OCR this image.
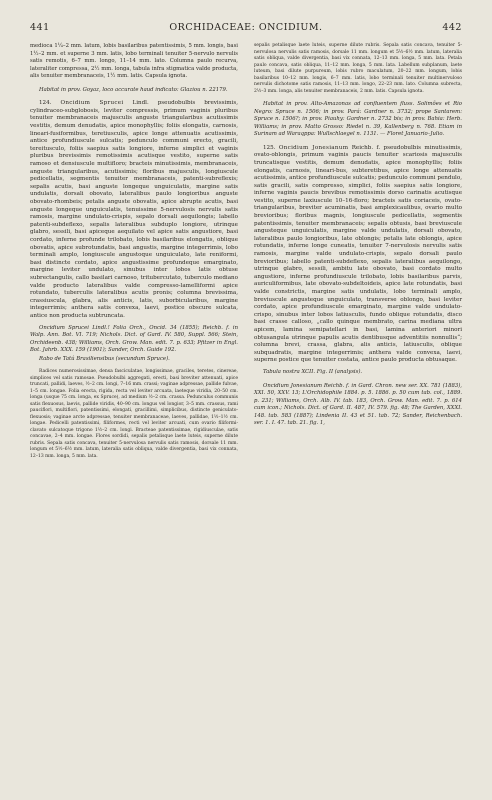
441	ORCHIDACEAE: ONCIDIUM.	442

medioca 1¼–2 mm. latum, lobis basilaribus patentissimis, 5 mm. longis, basi 1½–2 mm. et superne 3 mm. latis, lobo terminali tenuiter 5-nervulo nervulis satis remotis, 6–7 mm. longo, 11–14 mm. lato. Columna paulo recurva, lateraliter compressa, 2½ mm. longa, tabula infra stigmatica valde producta, alis tenuiter membranaceis, 1½ mm. latis. Capsula ignota.

Habitat in prov. Goyaz, loco accurate haud indicato: Glaziou n. 22179.

124. Oncidium Sprucei Lindl. pseudobulbis brevissimis, cylindraceo-subglobosis, leviter compressis, primum vaginis pluribus tenuiter membranaceis majusculis anguste triangularibus acutissimis vestitis, demum denudatis, apice monophyllis; foliis elongatis, carnosis, lineari-fusiformibus, teretiusculis, apice longe attenuatis acutissimis, antice profundiuscule sulcatis; pedunculo communi erecto, gracili, tereitusculo, foliis saepius satis longiore, inferne simplici et vaginis pluribus brevissimis remotissimis acutisque vestito, superne satis ramoso et densiuscule multifloro; bracteis minutissimis, membranaceis, anguste triangularibus, acutissimis; floribus majusculis, longiuscule pedicellatis, segmentis tenuiter membranaceis, patenti-subreflexis; sepalis acutis, basi anguste longeque unguiculatis, margine satis undulatis, dorsali obovato, lateralibus paulo longioribus anguste obovato-rhombeis; petalis anguste obovatis, apice abrupte acutis, basi anguste longeque unguiculatis, tenuissime 5-nervulosis nervulis satis ramosis, margine undulato-crispis, sepalo dorsali aequilongis; labello patenti-subdeflexo, sepalis lateralibus subduplo longiore, utrinque glabro, sessili, basi apiceque aequilato vel apice satis angustiore, basi cordato, inferne profunde trilobato, lobis basilaribus elongatis, oblique obovatis, apice subrotundatis, basi angustis, margine integerrimis, lobo terminali amplo, longiuscule angustoque unguiculato, late reniformi, basi distincte cordato, apice angustissime profundeque emarginato, margine leviter undulato, sinubus inter lobos latis obtuse subrectangulis, callo basilari carnoso, tritubercutato, tuberculo mediano valde producto lateralibus valde compresso-lamelliformi apice rotundato, tuberculis lateralibus acutis pronis; columna brevissima, crassiuscula, glabra, alis anticis, latis, suborbicularibus, margine integerrimis; anthera satis convexa, laevi, postice obscure sulcata, antice non producta subtruncata.

Oncidium Sprucei Lindl.! Folia Orch., Oncid. 34 (1855); Reichb. f. in Walp. Ann. Bot. VI. 719; Nichols. Dict. of Gard. IV. 580, Suppl. 566; Stein, Orchideenb. 438; Williams, Orch. Grow. Man. edit. 7. p. 633; Pfitzer in Engl. Bot. Jahrb. XXX. 159 (1901); Sander, Orch. Guide 192.

Rabo de Tatú Brasiliensibus (secundum Spruce).

Radices numerosissimae, densa fasciculatae, longissimae, graciles, teretes, cinereae, simplices vel satis ramosae. Pseudobulbi aggregati, erecti, basi breviter attenuati, apice truncati, pallidi, laeves, ½–2 cm. longi, 7–16 mm. crassi; vaginae adpressae, pallide fulvae, 1–5 cm. longae. Folia erecta, rigida, recta vel leviter arcuata, laeteque viridia, 20–50 cm. longa (usque 75 cm. longa, ex Spruce), ad medium ½–2 cm. crassa. Pedunculus communis satis flexuosus, laevis, pallide viridis, 40–90 cm. longus vel longior, 3–5 mm. crassus, rami pauciflori, multiflori, patentissimi, elongati, gracillimi, simplicibus, distincte geniculato-flexuosis; vaginae arcte adpressae, tenuiter membranaceae, laeves, pallidae, 1½–1½ cm. longae. Pedicelli patentissimi, filiformes, recti vel leviter arcuati, cum ovario filiformi-clavato sulcatoque trigono 1½–2 cm. longi. Bracteae patentissimae, rigidiusculae, satis concavae, 2–4 mm. longae. Flores sordidi, sepalis petalisque laete luteis, superne dilute rubris. Sepala satis concava, tenuiter 5-nervulosa nervulis satis ramosis, dorsale 11 mm. longum et 5½–6½ mm. latum, lateralia satis obliqua, valde divergentia, basi vix connata, 12–13 mm. longa, 5 mm. lata.

sepalis petalisque laete luteis, superne dilute rubris. Sepala satis concava, tenuiter 5-nervulosa nervulis satis ramosis, dorsale 11 mm. longum et 5½–6½ mm. latum, lateralia satis obliqua, valde divergentia, basi vix connata, 12–13 mm. longa, 5 mm. lata. Petala paulo concava, satis obliqua, 11–12 mm. longa, 5 mm. lata. Labellum subplanum, laete luteum, basi dilute purpureum, lobis rubro maculatum, 20–22 mm. longum, lobis basilaribus 10–12 mm. longis, 6–7 mm. latis, lobo terminali tenuiter multinervuloso nervulis dichotome satis ramosis, 11–13 mm. longo, 22–23 mm. lato. Columna subrecta, 2½–3 mm. longa, alis tenuiter membranaceis, 2 mm. latis. Capsula ignota.

Habitat in prov. Alto-Amazonas ad confluentem fluss. Solimões et Rio Negro: Spruce n. 1506; in prov. Pará: Gardner n. 3732; prope Santarem: Spruce n. 1506?; in prov. Piauhy: Gardner n. 2732 bis; in prov. Bahia: Herb. Williams; in prov. Matto Grosso: Riedel n. 39, Kallenberg n. 768. Etiam in Surinam ad Waraqppa: Wullschlaegel n. 1131. — Floret Januario–Julio.

125. Oncidium Jonesianum Reichb. f. pseudobulbis minutissimis, ovato-oblongis, primum vaginis paucis tenuiter scariosis majusculis truncatisque vestitis, demum denudatis, apice monophyllis; foliis elongatis, carnosis, lineari-bus, subteretibus, apice longe attenuatis acutissimis, antice profundiuscule sulcatis; pedunculo communi pendulo, satis gracili, satis compresso, simplici, foliis saepius satis longiore, inferne vaginis paucis brevibus remotissimis dorso carinatis acutisque vestito, superne laxiuscule 10–16-floro; bracteis satis coriaceis, ovato-triangularibus, breviter acuminatis, basi amplexicaulibus, ovario multo brevioribus; floribus magnis, longiuscule pedicellatis, segmentis patentissimis, tenuiter membranaceis; sepalis obtusis, basi breviuscule angusteque unguiculatis, margine valde undulatis, dorsali obovato, lateralibus paulo longioribus, late oblongis; petalis late oblongis, apice rotundatis, inferne longe cuneatis, tenuiter 7-nervulosis nervulis satis ramosis, margine valde undulato-crispis, sepalo dorsali paulo brevioribus; labello patenti-subdeflexo, sepalis lateralibus aequilongo, utrinque glabro, sessili, ambitu late obovato, basi cordato multo angustiore, inferne profundiuscule trilobato, lobis basilaribus parvis, auriculiformibus, late obovato-subdeltoideis, apice late rotundatis, basi valde constrictis, margine satis undulatis, lobo terminali amplo, breviuscule angusteque unguiculato, transverse oblongo, basi leviter cordato, apice profundiuscule emarginato, margine valde undulato-crispo, sinubus inter lobos latiusculis, fundo oblique rotundatis, disco basi crasse calloso, „callo quinque membrato, carina mediana ultra apicem, lamina semipatellari in basi, lamina anteriori minori obtusangula utrinque papulis acutis dentibusque adventitiis nonnullis“; columna brevi, crassa, glabra, alis anticis, latiusculis, oblique subquadratis, margine integerrimis; anthera valde convexa, laevi, superne postice que tenuiter costata, antice paulo producta obtusaque.

Tabula nostra XCII. Fig. II (analysis).

Oncidium Jonesianum Reichb. f. in Gard. Chron. new ser. XX. 781 (1883), XXI. 50, XXV. 13; L'Orchidophile 1884. p. 5. 1886. p. 50 cum tab. col., 1889. p. 231; Williams, Orch. Alb. IV. tab. 183, Orch. Grow. Man. edit. 7. p. 614 cum icon.; Nichols. Dict. of Gard. II. 487, IV. 579. fig. 48; The Garden, XXXI. 148. tab. 583 (1887); Lindenia II. 43 et 51. tab. 72; Sander, Reichenbach. ser. 1. I. 47. tab. 21. fig. 1,
